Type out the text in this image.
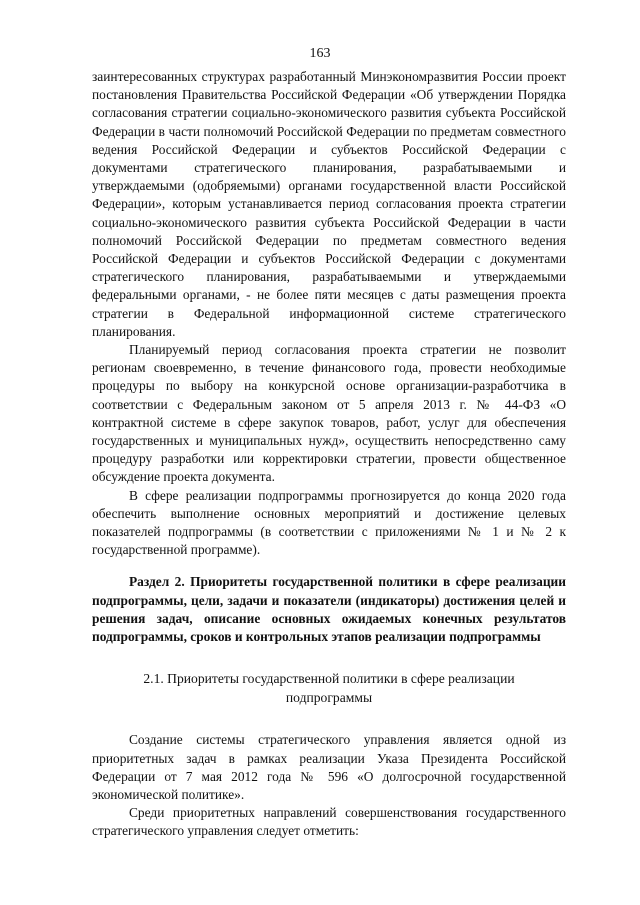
163

заинтересованных структурах разработанный Минэкономразвития России проект постановления Правительства Российской Федерации «Об утверждении Порядка согласования стратегии социально-экономического развития субъекта Российской Федерации в части полномочий Российской Федерации по предметам совместного ведения Российской Федерации и субъектов Российской Федерации с документами стратегического планирования, разрабатываемыми и утверждаемыми (одобряемыми) органами государственной власти Российской Федерации», которым устанавливается период согласования проекта стратегии социально-экономического развития субъекта Российской Федерации в части полномочий Российской Федерации по предметам совместного ведения Российской Федерации и субъектов Российской Федерации с документами стратегического планирования, разрабатываемыми и утверждаемыми федеральными органами, - не более пяти месяцев с даты размещения проекта стратегии в Федеральной информационной системе стратегического планирования.

Планируемый период согласования проекта стратегии не позволит регионам своевременно, в течение финансового года, провести необходимые процедуры по выбору на конкурсной основе организации-разработчика в соответствии с Федеральным законом от 5 апреля 2013 г. № 44-ФЗ «О контрактной системе в сфере закупок товаров, работ, услуг для обеспечения государственных и муниципальных нужд», осуществить непосредственно саму процедуру разработки или корректировки стратегии, провести общественное обсуждение проекта документа.

В сфере реализации подпрограммы прогнозируется до конца 2020 года обеспечить выполнение основных мероприятий и достижение целевых показателей подпрограммы (в соответствии с приложениями № 1 и № 2 к государственной программе).

Раздел 2. Приоритеты государственной политики в сфере реализации подпрограммы, цели, задачи и показатели (индикаторы) достижения целей и решения задач, описание основных ожидаемых конечных результатов подпрограммы, сроков и контрольных этапов реализации подпрограммы

2.1. Приоритеты государственной политики в сфере реализации подпрограммы

Создание системы стратегического управления является одной из приоритетных задач в рамках реализации Указа Президента Российской Федерации от 7 мая 2012 года № 596 «О долгосрочной государственной экономической политике».

Среди приоритетных направлений совершенствования государственного стратегического управления следует отметить:
